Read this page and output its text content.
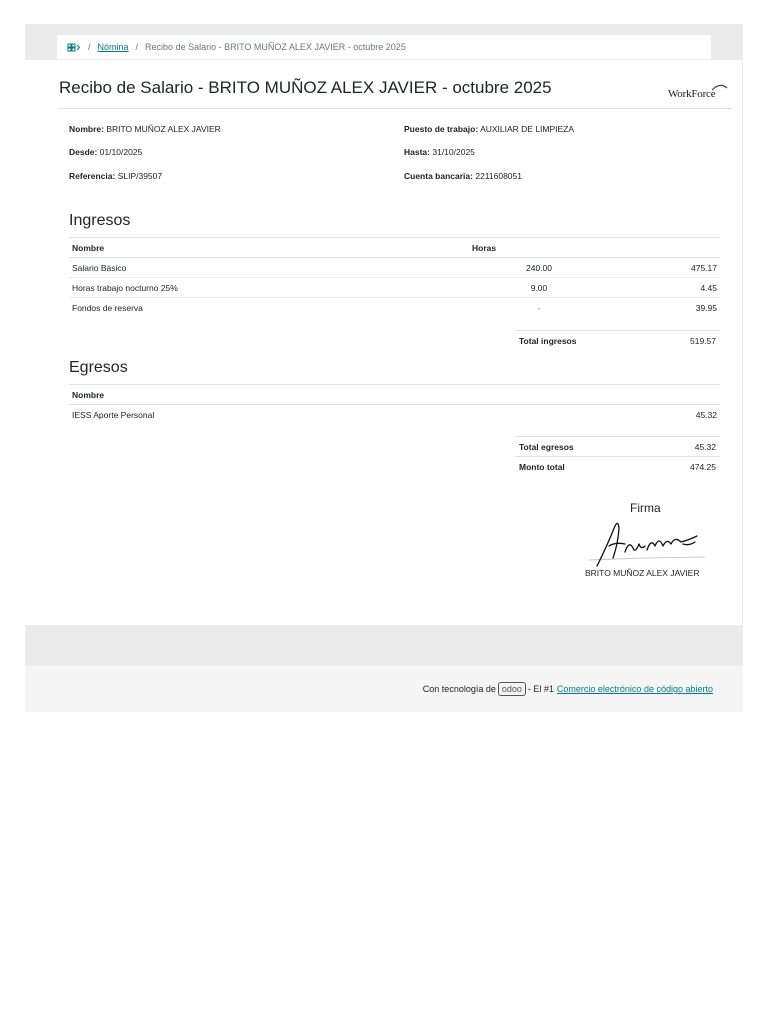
/ Nómina / Recibo de Salario - BRITO MUÑOZ ALEX JAVIER - octubre 2025
Recibo de Salario - BRITO MUÑOZ ALEX JAVIER - octubre 2025	WorkForce
Nombre: BRITO MUÑOZ ALEX JAVIER	Puesto de trabajo: AUXILIAR DE LIMPIEZA
Desde: 01/10/2025	Hasta: 31/10/2025
Referencia: SLIP/39507	Cuenta bancaria: 2211608051
Ingresos
Nombre	Horas	
Salario Básico	240.00	475.17
Horas trabajo nocturno 25%	9.00	4.45
Fondos de reserva	-	39.95
Total ingresos	519.57
Egresos
Nombre	
IESS Aporte Personal	45.32
Total egresos	45.32
Monto total	474.25
Firma
BRITO MUÑOZ ALEX JAVIER
Con tecnología de odoo - El #1 Comercio electrónico de código abierto
